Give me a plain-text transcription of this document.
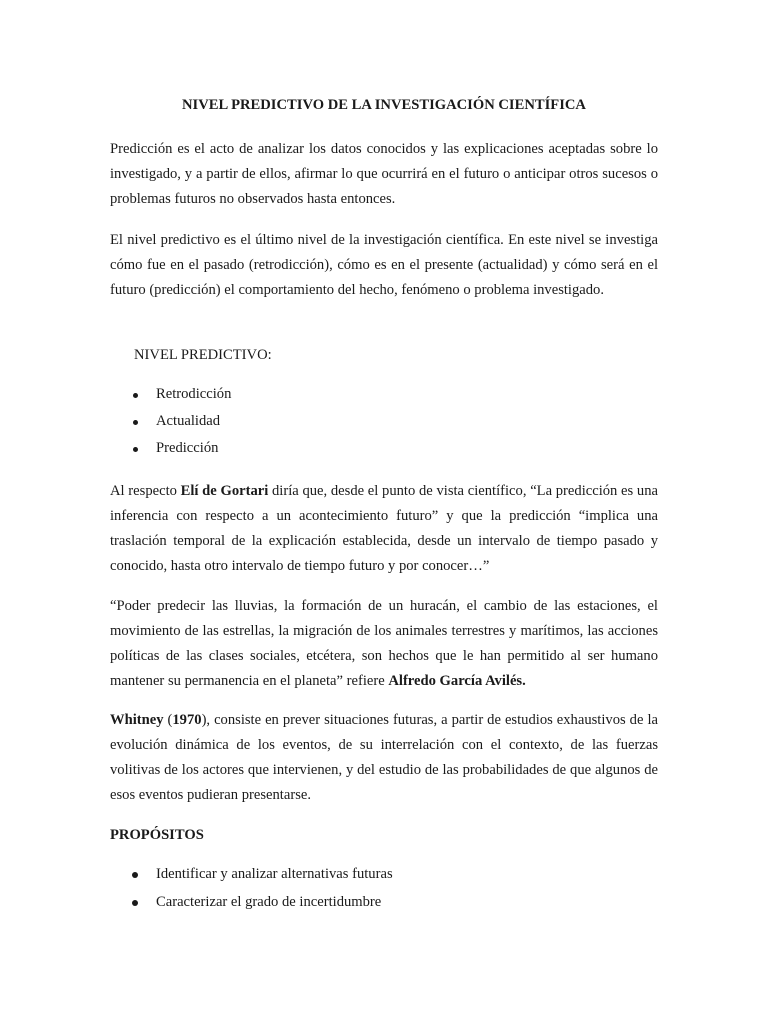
NIVEL PREDICTIVO DE LA INVESTIGACIÓN CIENTÍFICA

Predicción es el acto de analizar los datos conocidos y las explicaciones aceptadas sobre lo investigado, y a partir de ellos, afirmar lo que ocurrirá en el futuro o anticipar otros sucesos o problemas futuros no observados hasta entonces.

El nivel predictivo es el último nivel de la investigación científica. En este nivel se investiga cómo fue en el pasado (retrodicción), cómo es en el presente (actualidad) y cómo será en el futuro (predicción) el comportamiento del hecho, fenómeno o problema investigado.

NIVEL PREDICTIVO:

Retrodicción
Actualidad
Predicción

Al respecto Elí de Gortari diría que, desde el punto de vista científico, “La predicción es una inferencia con respecto a un acontecimiento futuro” y que la predicción “implica una traslación temporal de la explicación establecida, desde un intervalo de tiempo pasado y conocido, hasta otro intervalo de tiempo futuro y por conocer…”

“Poder predecir las lluvias, la formación de un huracán, el cambio de las estaciones, el movimiento de las estrellas, la migración de los animales terrestres y marítimos, las acciones políticas de las clases sociales, etcétera, son hechos que le han permitido al ser humano mantener su permanencia en el planeta” refiere Alfredo García Avilés.

Whitney (1970), consiste en prever situaciones futuras, a partir de estudios exhaustivos de la evolución dinámica de los eventos, de su interrelación con el contexto, de las fuerzas volitivas de los actores que intervienen, y del estudio de las probabilidades de que algunos de esos eventos pudieran presentarse.

PROPÓSITOS

Identificar y analizar alternativas futuras
Caracterizar el grado de incertidumbre
